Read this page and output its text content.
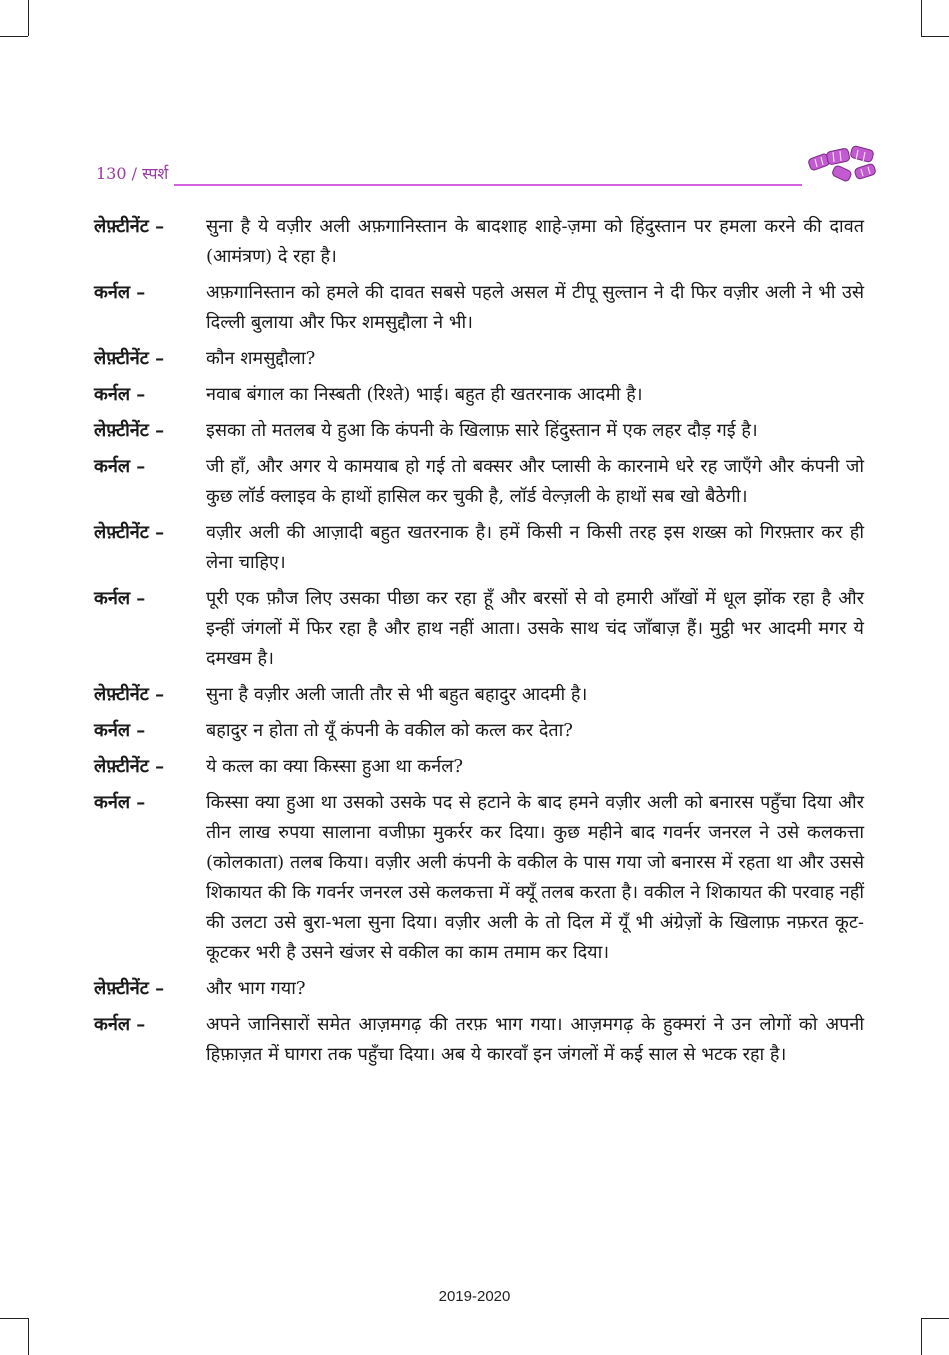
130 / स्पर्श
लेफ़्टीनेंट –	सुना है ये वज़ीर अली अफ़गानिस्तान के बादशाह शाहे-ज़मा को हिंदुस्तान पर हमला करने की दावत (आमंत्रण) दे रहा है।
कर्नल –	अफ़गानिस्तान को हमले की दावत सबसे पहले असल में टीपू सुल्तान ने दी फिर वज़ीर अली ने भी उसे दिल्ली बुलाया और फिर शमसुद्दौला ने भी।
लेफ़्टीनेंट –	कौन शमसुद्दौला?
कर्नल –	नवाब बंगाल का निस्बती (रिश्ते) भाई। बहुत ही खतरनाक आदमी है।
लेफ़्टीनेंट –	इसका तो मतलब ये हुआ कि कंपनी के खिलाफ़ सारे हिंदुस्तान में एक लहर दौड़ गई है।
कर्नल –	जी हाँ, और अगर ये कामयाब हो गई तो बक्सर और प्लासी के कारनामे धरे रह जाएँगे और कंपनी जो कुछ लॉर्ड क्लाइव के हाथों हासिल कर चुकी है, लॉर्ड वेल्ज़ली के हाथों सब खो बैठेगी।
लेफ़्टीनेंट –	वज़ीर अली की आज़ादी बहुत खतरनाक है। हमें किसी न किसी तरह इस शख्स को गिरफ़्तार कर ही लेना चाहिए।
कर्नल –	पूरी एक फ़ौज लिए उसका पीछा कर रहा हूँ और बरसों से वो हमारी आँखों में धूल झोंक रहा है और इन्हीं जंगलों में फिर रहा है और हाथ नहीं आता। उसके साथ चंद जाँबाज़ हैं। मुट्ठी भर आदमी मगर ये दमखम है।
लेफ़्टीनेंट –	सुना है वज़ीर अली जाती तौर से भी बहुत बहादुर आदमी है।
कर्नल –	बहादुर न होता तो यूँ कंपनी के वकील को कत्ल कर देता?
लेफ़्टीनेंट –	ये कत्ल का क्या किस्सा हुआ था कर्नल?
कर्नल –	किस्सा क्या हुआ था उसको उसके पद से हटाने के बाद हमने वज़ीर अली को बनारस पहुँचा दिया और तीन लाख रुपया सालाना वजीफ़ा मुकर्रर कर दिया। कुछ महीने बाद गवर्नर जनरल ने उसे कलकत्ता (कोलकाता) तलब किया। वज़ीर अली कंपनी के वकील के पास गया जो बनारस में रहता था और उससे शिकायत की कि गवर्नर जनरल उसे कलकत्ता में क्यूँ तलब करता है। वकील ने शिकायत की परवाह नहीं की उलटा उसे बुरा-भला सुना दिया। वज़ीर अली के तो दिल में यूँ भी अंग्रेज़ों के खिलाफ़ नफ़रत कूट-कूटकर भरी है उसने खंजर से वकील का काम तमाम कर दिया।
लेफ़्टीनेंट –	और भाग गया?
कर्नल –	अपने जानिसारों समेत आज़मगढ़ की तरफ़ भाग गया। आज़मगढ़ के हुक्मरां ने उन लोगों को अपनी हिफ़ाज़त में घागरा तक पहुँचा दिया। अब ये कारवाँ इन जंगलों में कई साल से भटक रहा है।
2019-2020
